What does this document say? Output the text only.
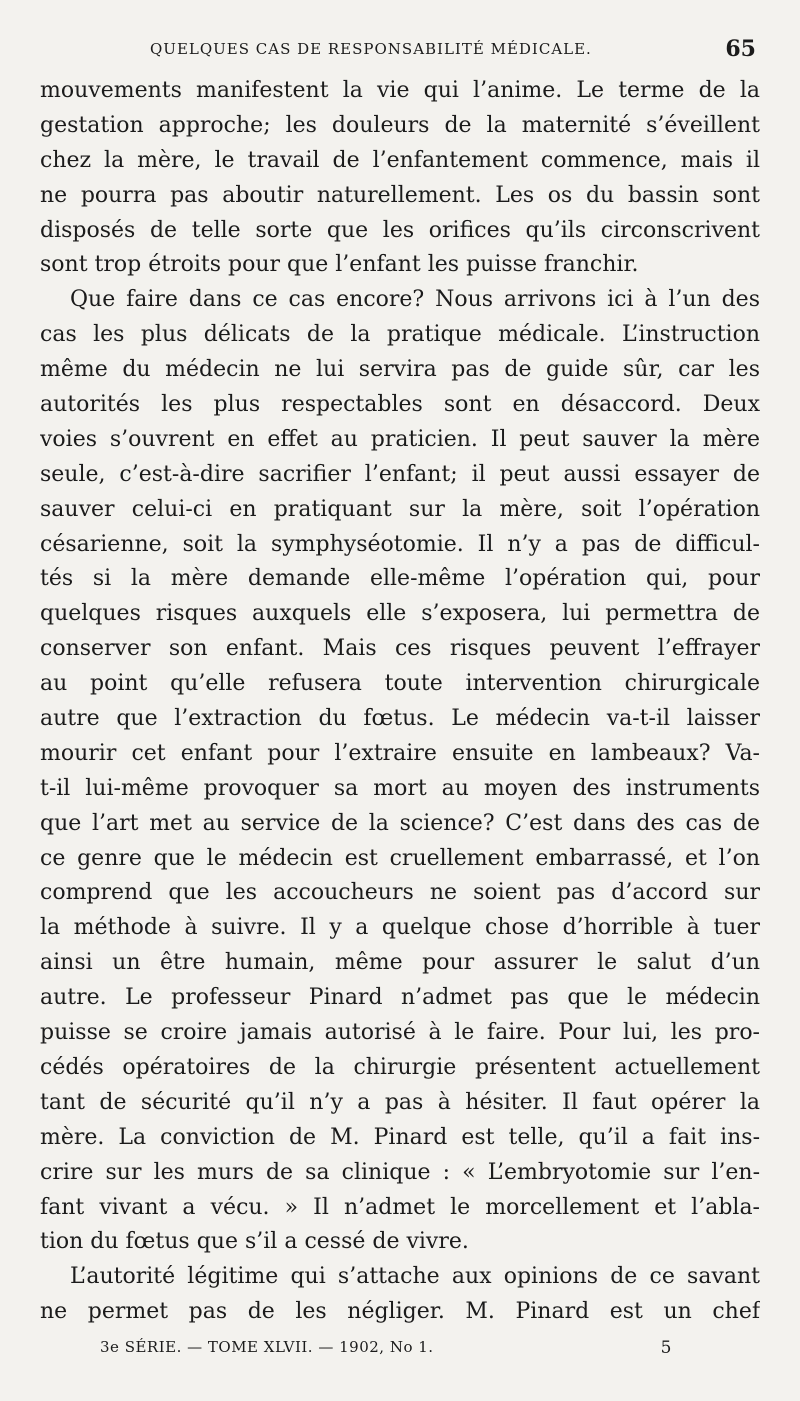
QUELQUES CAS DE RESPONSABILITÉ MÉDICALE.	65
mouvements manifestent la vie qui l’anime. Le terme de la
gestation approche; les douleurs de la maternité s’éveillent
chez la mère, le travail de l’enfantement commence, mais il
ne pourra pas aboutir naturellement. Les os du bassin sont
disposés de telle sorte que les orifices qu’ils circonscrivent
sont trop étroits pour que l’enfant les puisse franchir.
Que faire dans ce cas encore? Nous arrivons ici à l’un des
cas les plus délicats de la pratique médicale. L’instruction
même du médecin ne lui servira pas de guide sûr, car les
autorités les plus respectables sont en désaccord. Deux
voies s’ouvrent en effet au praticien. Il peut sauver la mère
seule, c’est-à-dire sacrifier l’enfant; il peut aussi essayer de
sauver celui-ci en pratiquant sur la mère, soit l’opération
césarienne, soit la symphyséotomie. Il n’y a pas de difficul-
tés si la mère demande elle-même l’opération qui, pour
quelques risques auxquels elle s’exposera, lui permettra de
conserver son enfant. Mais ces risques peuvent l’effrayer
au point qu’elle refusera toute intervention chirurgicale
autre que l’extraction du fœtus. Le médecin va-t-il laisser
mourir cet enfant pour l’extraire ensuite en lambeaux? Va-
t-il lui-même provoquer sa mort au moyen des instruments
que l’art met au service de la science? C’est dans des cas de
ce genre que le médecin est cruellement embarrassé, et l’on
comprend que les accoucheurs ne soient pas d’accord sur
la méthode à suivre. Il y a quelque chose d’horrible à tuer
ainsi un être humain, même pour assurer le salut d’un
autre. Le professeur Pinard n’admet pas que le médecin
puisse se croire jamais autorisé à le faire. Pour lui, les pro-
cédés opératoires de la chirurgie présentent actuellement
tant de sécurité qu’il n’y a pas à hésiter. Il faut opérer la
mère. La conviction de M. Pinard est telle, qu’il a fait ins-
crire sur les murs de sa clinique : « L’embryotomie sur l’en-
fant vivant a vécu. » Il n’admet le morcellement et l’abla-
tion du fœtus que s’il a cessé de vivre.
L’autorité légitime qui s’attache aux opinions de ce savant
ne permet pas de les négliger. M. Pinard est un chef
3e SÉRIE. — TOME XLVII. — 1902, No 1.	5
